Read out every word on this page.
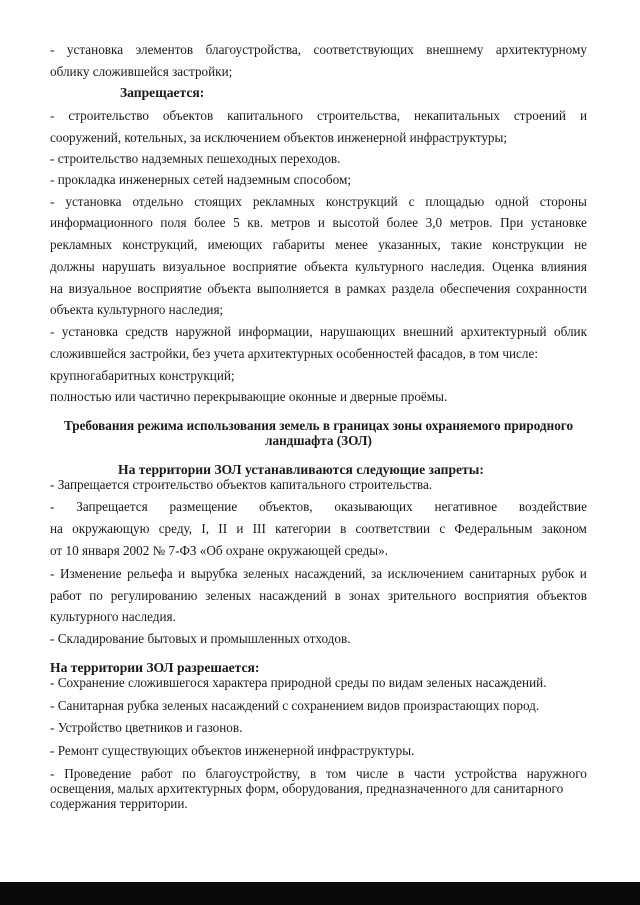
- установка элементов благоустройства, соответствующих внешнему архитектурному
облику сложившейся застройки;
Запрещается:
- строительство объектов капитального строительства, некапитальных строений и
сооружений, котельных, за исключением объектов инженерной инфраструктуры;
- строительство надземных пешеходных переходов.
- прокладка инженерных сетей надземным способом;
- установка отдельно стоящих рекламных конструкций с площадью одной стороны
информационного поля более 5 кв. метров и высотой более 3,0 метров. При установке
рекламных конструкций, имеющих габариты менее указанных, такие конструкции не
должны нарушать визуальное восприятие объекта культурного наследия. Оценка влияния
на визуальное восприятие объекта выполняется в рамках раздела обеспечения сохранности
объекта культурного наследия;
- установка средств наружной информации, нарушающих внешний архитектурный облик
сложившейся застройки, без учета архитектурных особенностей фасадов, в том числе:
крупногабаритных конструкций;
полностью или частично перекрывающие оконные и дверные проёмы.
Требования режима использования земель в границах зоны охраняемого природного
ландшафта (ЗОЛ)
На территории ЗОЛ устанавливаются следующие запреты:
- Запрещается строительство объектов капитального строительства.
- Запрещается размещение объектов, оказывающих негативное воздействие
на окружающую среду, I, II и III категории в соответствии с Федеральным законом
от 10 января 2002 № 7-ФЗ «Об охране окружающей среды».
- Изменение рельефа и вырубка зеленых насаждений, за исключением санитарных рубок и
работ по регулированию зеленых насаждений в зонах зрительного восприятия объектов
культурного наследия.
- Складирование бытовых и промышленных отходов.
На территории ЗОЛ разрешается:
- Сохранение сложившегося характера природной среды по видам зеленых насаждений.
- Санитарная рубка зеленых насаждений с сохранением видов произрастающих пород.
- Устройство цветников и газонов.
- Ремонт существующих объектов инженерной инфраструктуры.
- Проведение работ по благоустройству, в том числе в части устройства наружного
освещения, малых архитектурных форм, оборудования, предназначенного для санитарного
содержания территории.
